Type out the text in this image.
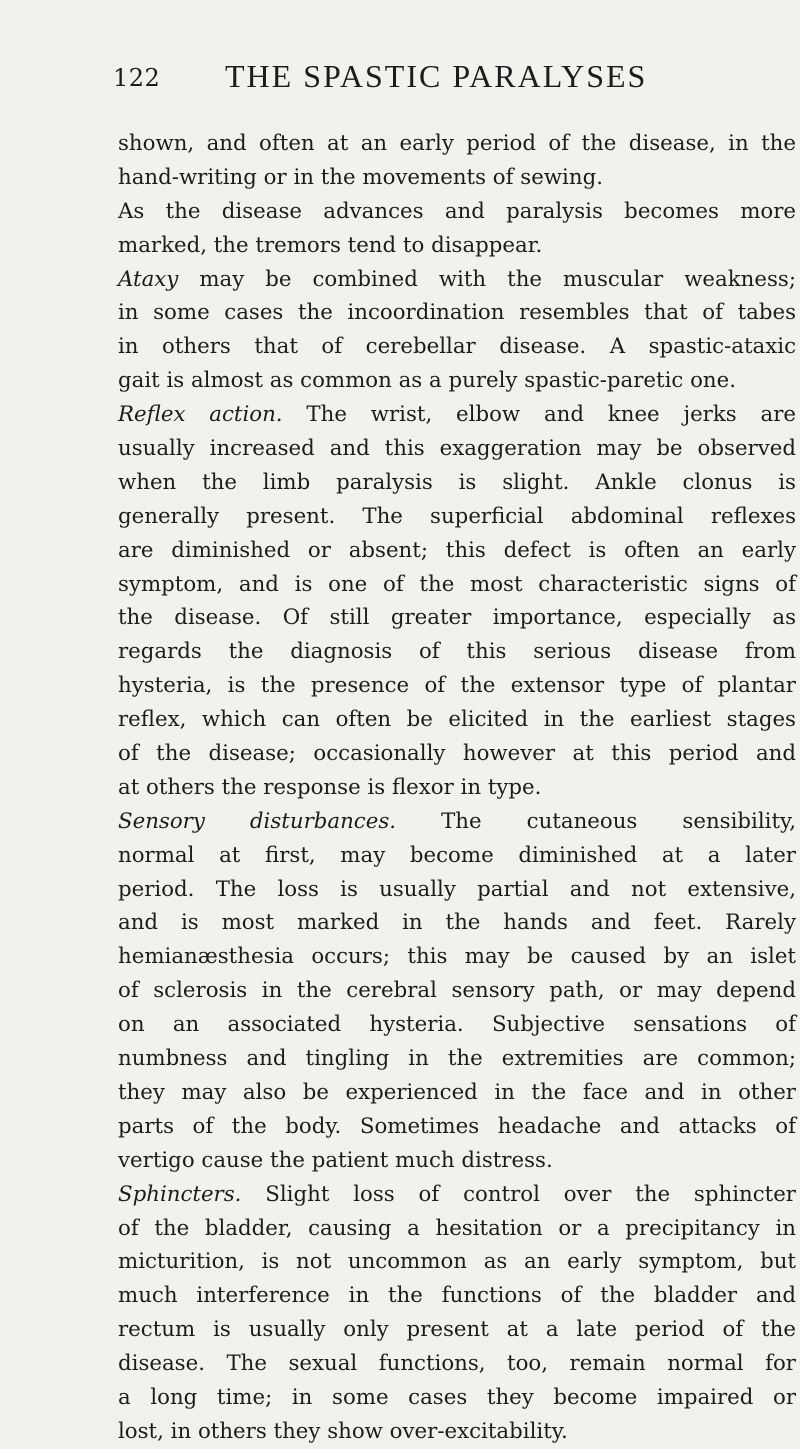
122 THE SPASTIC PARALYSES
shown, and often at an early period of the disease, in the
hand-writing or in the movements of sewing.
As the disease advances and paralysis becomes more
marked, the tremors tend to disappear.
Ataxy may be combined with the muscular weakness;
in some cases the incoordination resembles that of tabes
in others that of cerebellar disease. A spastic-ataxic
gait is almost as common as a purely spastic-paretic one.
Reflex action. The wrist, elbow and knee jerks are
usually increased and this exaggeration may be observed
when the limb paralysis is slight. Ankle clonus is
generally present. The superficial abdominal reflexes
are diminished or absent; this defect is often an early
symptom, and is one of the most characteristic signs of
the disease. Of still greater importance, especially as
regards the diagnosis of this serious disease from
hysteria, is the presence of the extensor type of plantar
reflex, which can often be elicited in the earliest stages
of the disease; occasionally however at this period and
at others the response is flexor in type.
Sensory disturbances. The cutaneous sensibility,
normal at first, may become diminished at a later
period. The loss is usually partial and not extensive,
and is most marked in the hands and feet. Rarely
hemianæsthesia occurs; this may be caused by an islet
of sclerosis in the cerebral sensory path, or may depend
on an associated hysteria. Subjective sensations of
numbness and tingling in the extremities are common;
they may also be experienced in the face and in other
parts of the body. Sometimes headache and attacks of
vertigo cause the patient much distress.
Sphincters. Slight loss of control over the sphincter
of the bladder, causing a hesitation or a precipitancy in
micturition, is not uncommon as an early symptom, but
much interference in the functions of the bladder and
rectum is usually only present at a late period of the
disease. The sexual functions, too, remain normal for
a long time; in some cases they become impaired or
lost, in others they show over-excitability.
